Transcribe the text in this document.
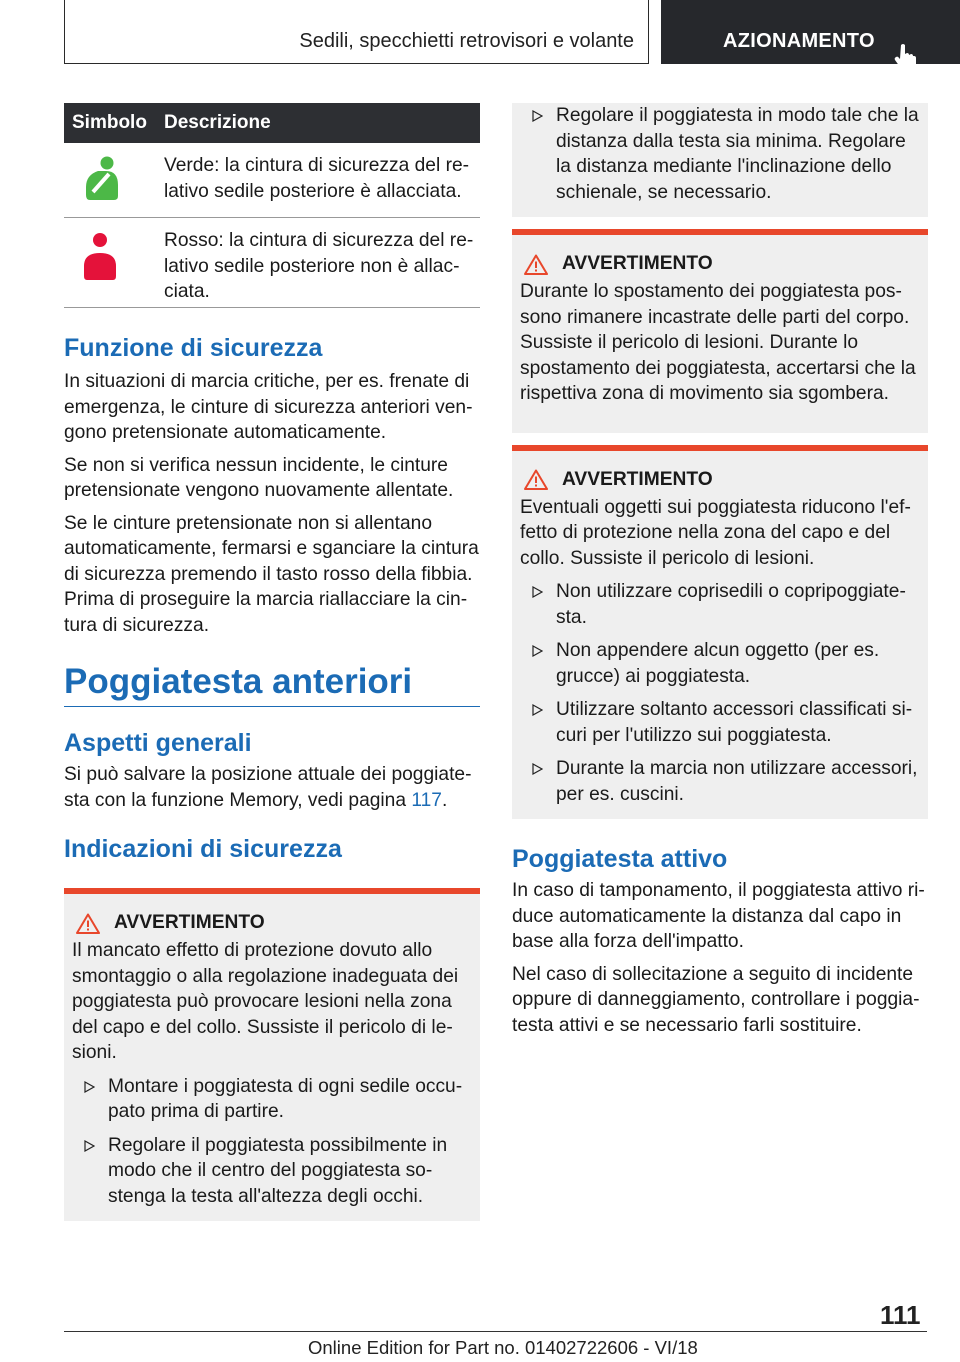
Sedili, specchietti retrovisori e volante	AZIONAMENTO
Simbolo Descrizione
Verde: la cintura di sicurezza del relativo sedile posteriore è allacciata.
Rosso: la cintura di sicurezza del relativo sedile posteriore non è allacciata.
Funzione di sicurezza

In situazioni di marcia critiche, per es. frenate di emergenza, le cinture di sicurezza anteriori vengono pretensionate automaticamente.

Se non si verifica nessun incidente, le cinture pretensionate vengono nuovamente allentate.

Se le cinture pretensionate non si allentano automaticamente, fermarsi e sganciare la cintura di sicurezza premendo il tasto rosso della fibbia. Prima di proseguire la marcia riallacciare la cintura di sicurezza.

Poggiatesta anteriori
Aspetti generali

Si può salvare la posizione attuale dei poggiatesta con la funzione Memory, vedi pagina 117.

Indicazioni di sicurezza
AVVERTIMENTO

Il mancato effetto di protezione dovuto allo smontaggio o alla regolazione inadeguata dei poggiatesta può provocare lesioni nella zona del capo e del collo. Sussiste il pericolo di lesioni.

Montare i poggiatesta di ogni sedile occupato prima di partire.

Regolare il poggiatesta possibilmente in modo che il centro del poggiatesta sostenga la testa all'altezza degli occhi.

Regolare il poggiatesta in modo tale che la distanza dalla testa sia minima. Regolare la distanza mediante l'inclinazione dello schienale, se necessario.

AVVERTIMENTO

Durante lo spostamento dei poggiatesta possono rimanere incastrate delle parti del corpo. Sussiste il pericolo di lesioni. Durante lo spostamento dei poggiatesta, accertarsi che la rispettiva zona di movimento sia sgombera.

AVVERTIMENTO

Eventuali oggetti sui poggiatesta riducono l'effetto di protezione nella zona del capo e del collo. Sussiste il pericolo di lesioni.

Non utilizzare coprisedili o copripoggiatesta.

Non appendere alcun oggetto (per es. grucce) ai poggiatesta.

Utilizzare soltanto accessori classificati sicuri per l'utilizzo sui poggiatesta.

Durante la marcia non utilizzare accessori, per es. cuscini.

Poggiatesta attivo

In caso di tamponamento, il poggiatesta attivo riduce automaticamente la distanza dal capo in base alla forza dell'impatto.

Nel caso di sollecitazione a seguito di incidente oppure di danneggiamento, controllare i poggiatesta attivi e se necessario farli sostituire.

111
Online Edition for Part no. 01402722606 - VI/18
